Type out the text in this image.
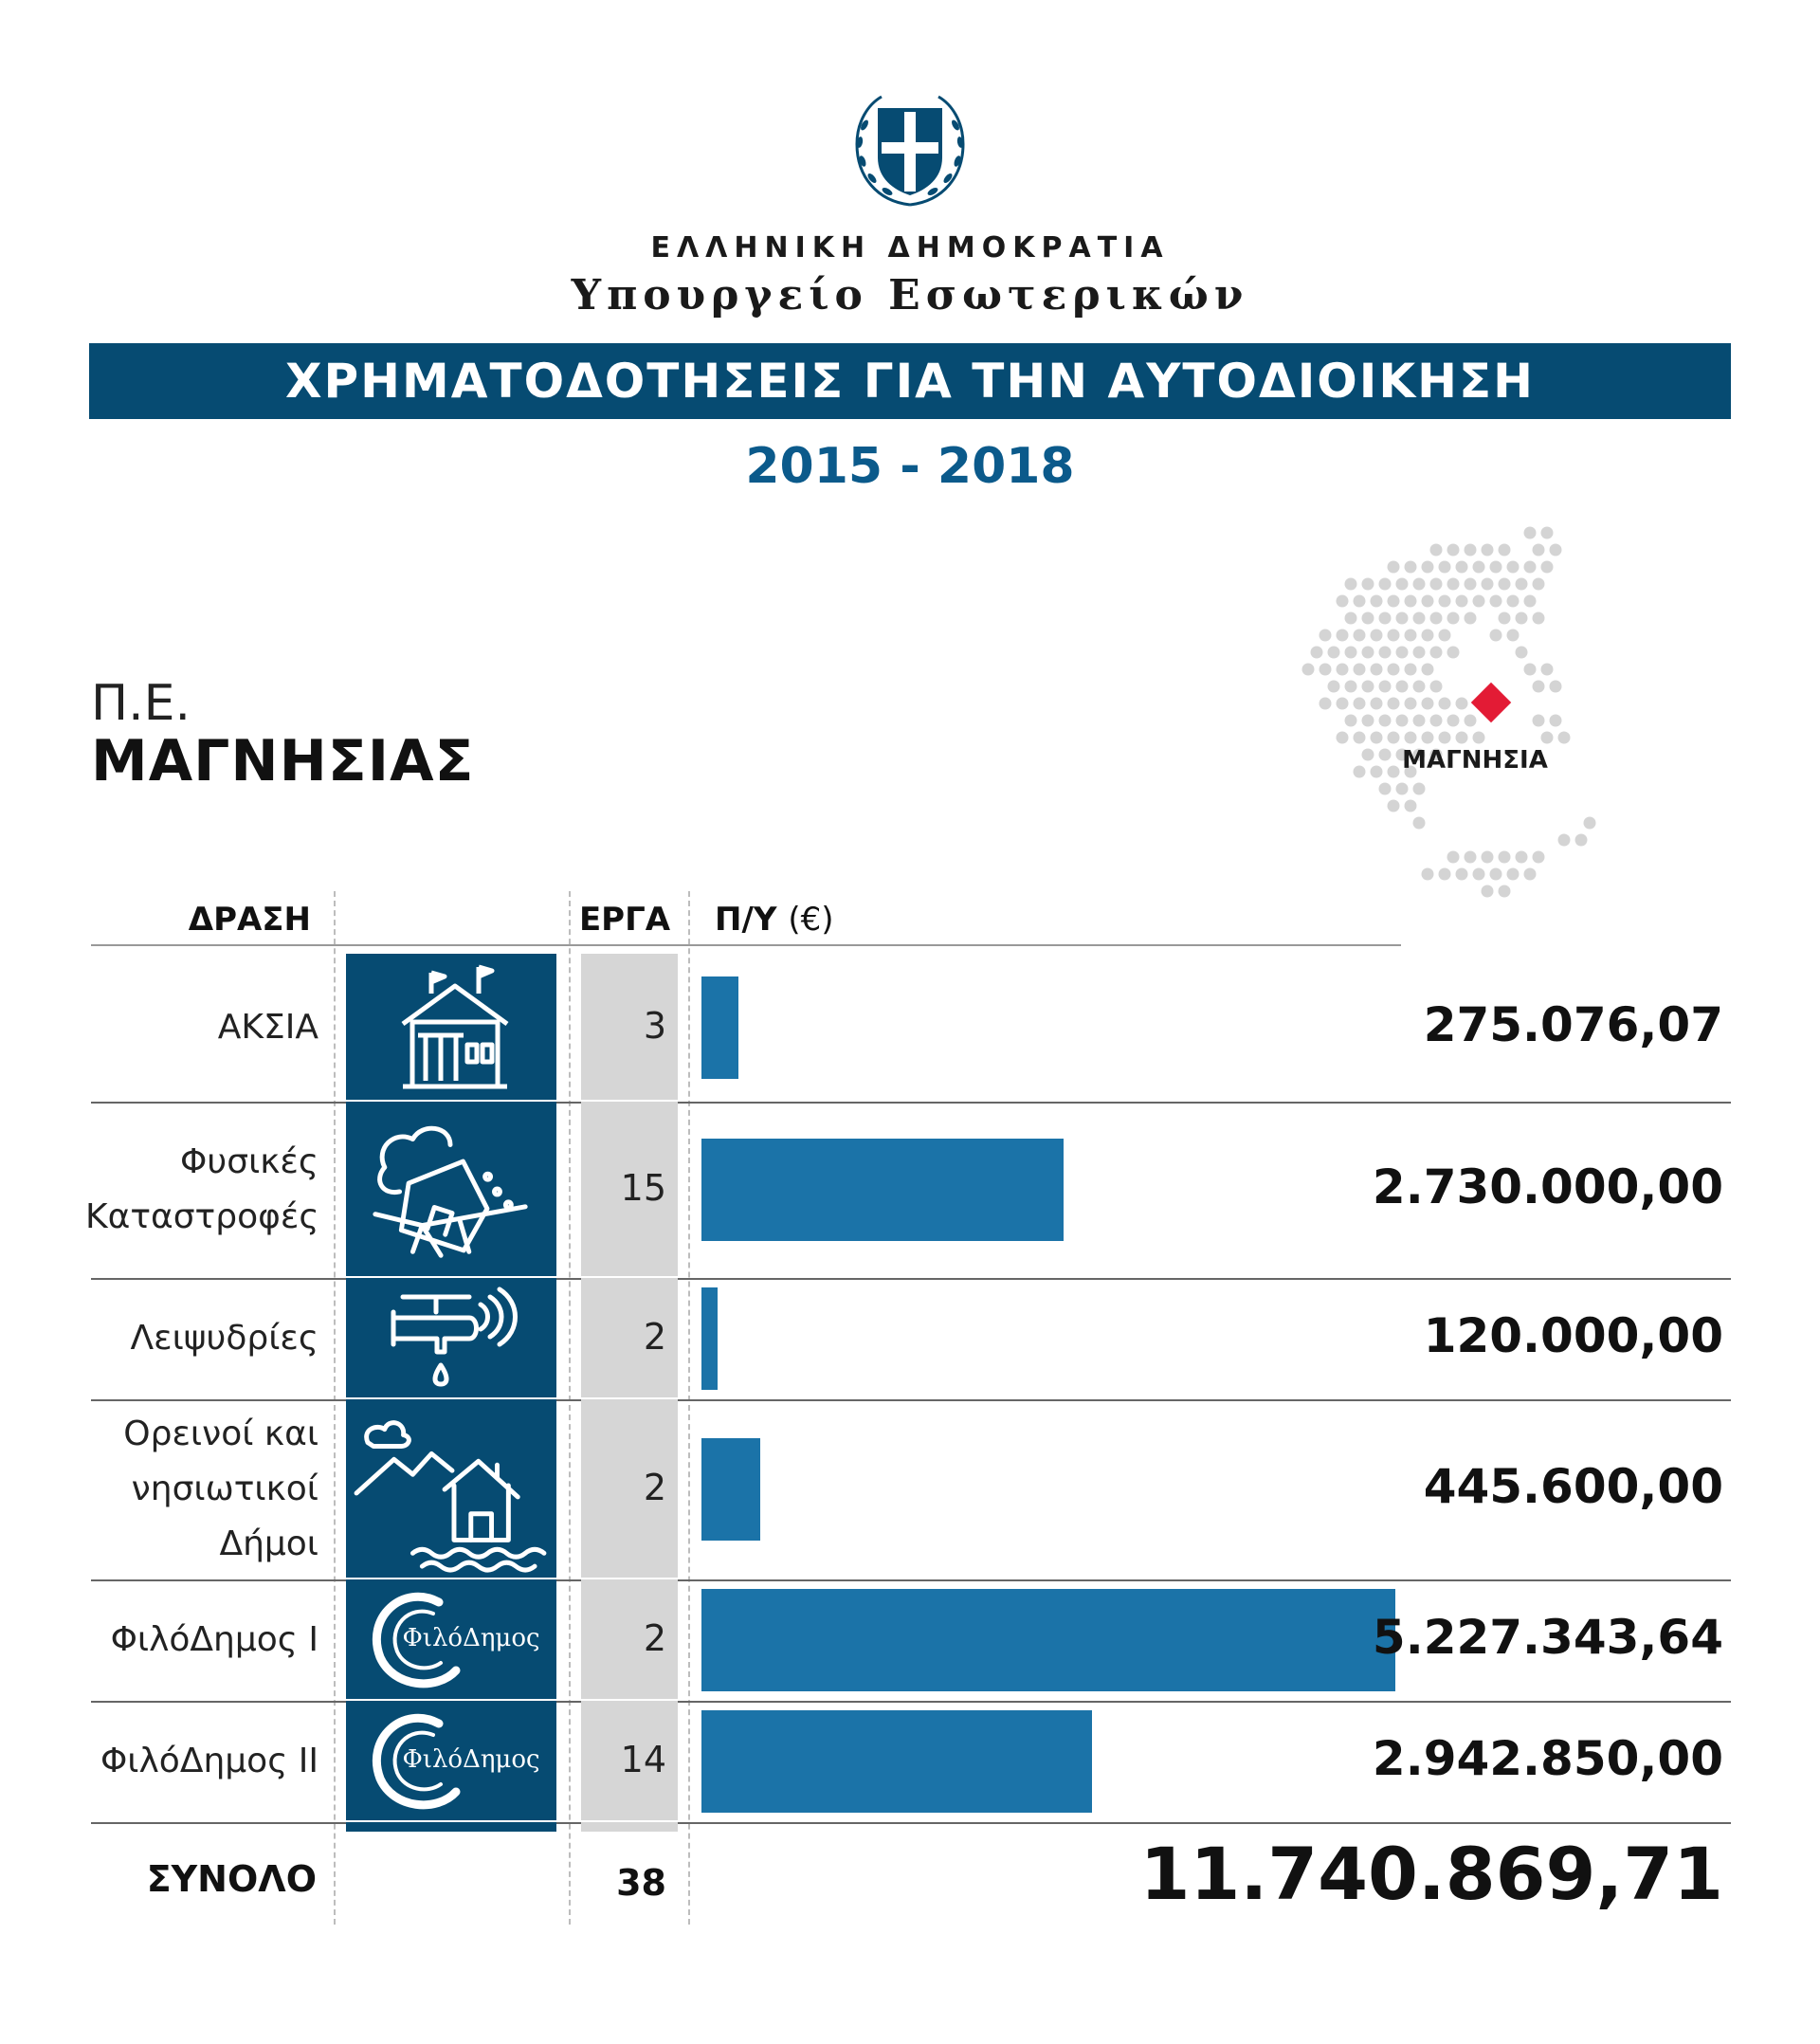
ΕΛΛΗΝΙΚΗ ΔΗΜΟΚΡΑΤΙΑ
Υπουργείο Εσωτερικών
ΧΡΗΜΑΤΟΔΟΤΗΣΕΙΣ ΓΙΑ ΤΗΝ ΑΥΤΟΔΙΟΙΚΗΣΗ
2015 - 2018
Π.Ε.
ΜΑΓΝΗΣΙΑΣ	ΜΑΓΝΗΣΙΑ
ΔΡΑΣΗ	ΕΡΓΑ	Π/Υ (€)
ΑΚΣΙΑ	3	275.076,07
Φυσικές
Καταστροφές
15	2.730.000,00
Λειψυδρίες	2	120.000,00
Ορεινοί και
νησιωτικοί
Δήμοι
2	445.600,00
ΦιλόΔημος I	ΦιλόΔημος	2	5.227.343,64
ΦιλόΔημος II	ΦιλόΔημος	14	2.942.850,00
ΣΥΝΟΛΟ	38	11.740.869,71
